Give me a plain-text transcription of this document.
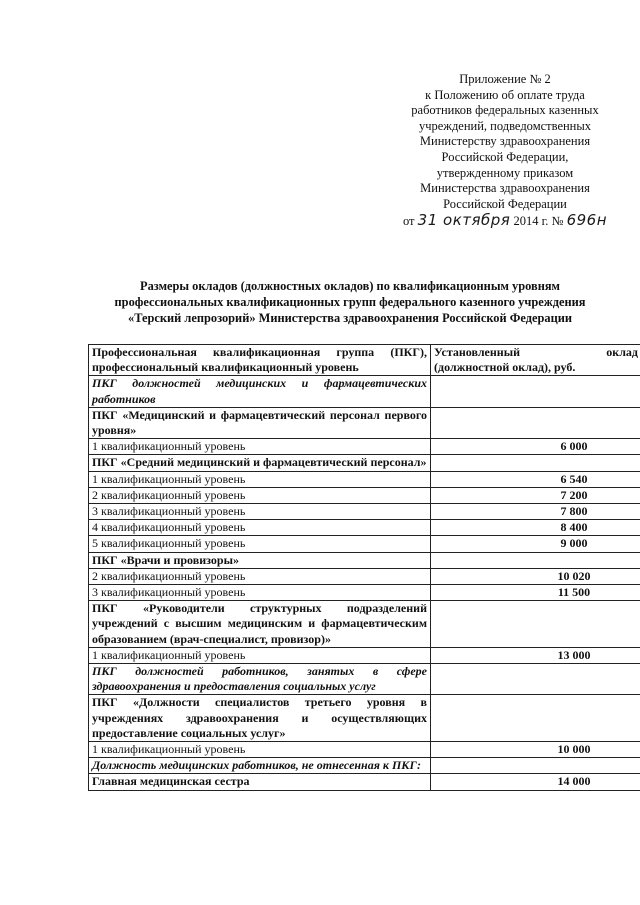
Приложение № 2
к Положению об оплате труда
работников федеральных казенных
учреждений, подведомственных
Министерству здравоохранения
Российской Федерации,
утвержденному приказом
Министерства здравоохранения
Российской Федерации
от 31 октября 2014 г. № 696н
Размеры окладов (должностных окладов) по квалификационным уровням
профессиональных квалификационных групп федерального казенного учреждения
«Терский лепрозорий» Министерства здравоохранения Российской Федерации
Профессиональная квалификационная группа (ПКГ), профессиональный квалификационный уровень	Установленный оклад
(должностной оклад), руб.

ПКГ должностей медицинских и фармацевтических работников	
ПКГ «Медицинский и фармацевтический персонал первого уровня»	
1 квалификационный уровень	6 000
ПКГ «Средний медицинский и фармацевтический персонал»	
1 квалификационный уровень	6 540
2 квалификационный уровень	7 200
3 квалификационный уровень	7 800
4 квалификационный уровень	8 400
5 квалификационный уровень	9 000
ПКГ «Врачи и провизоры»	
2 квалификационный уровень	10 020
3 квалификационный уровень	11 500
ПКГ «Руководители структурных подразделений учреждений с высшим медицинским и фармацевтическим образованием (врач-специалист, провизор)»	
1 квалификационный уровень	13 000
ПКГ должностей работников, занятых в сфере здравоохранения и предоставления социальных услуг	
ПКГ «Должности специалистов третьего уровня в учреждениях здравоохранения и осуществляющих предоставление социальных услуг»	
1 квалификационный уровень	10 000
Должность медицинских работников, не отнесенная к ПКГ:	
Главная медицинская сестра	14 000
